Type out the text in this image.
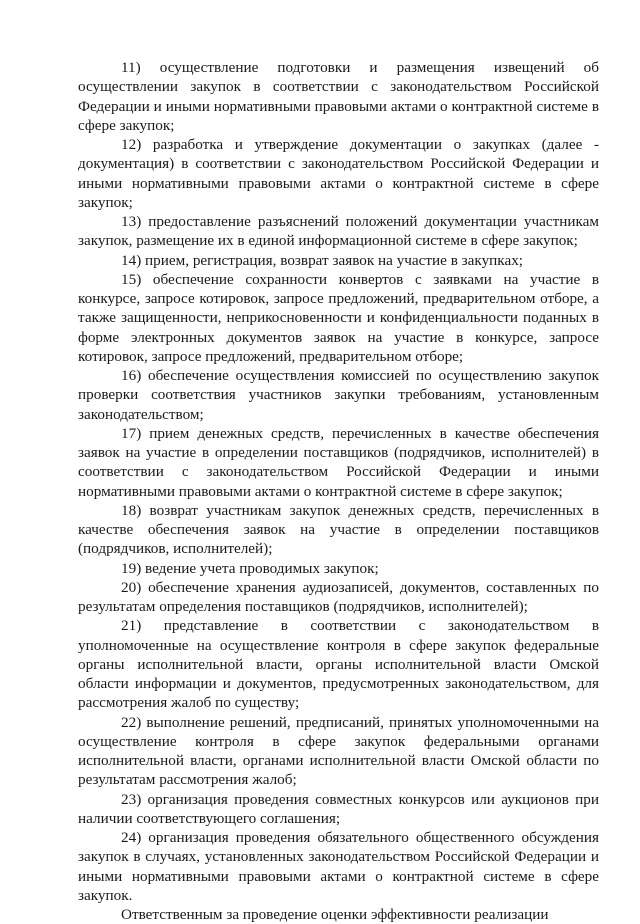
11) осуществление подготовки и размещения извещений об осуществлении закупок в соответствии с законодательством Российской Федерации и иными нормативными правовыми актами о контрактной системе в сфере закупок;

12) разработка и утверждение документации о закупках (далее - документация) в соответствии с законодательством Российской Федерации и иными нормативными правовыми актами о контрактной системе в сфере закупок;

13) предоставление разъяснений положений документации участникам закупок, размещение их в единой информационной системе в сфере закупок;

14) прием, регистрация, возврат заявок на участие в закупках;

15) обеспечение сохранности конвертов с заявками на участие в конкурсе, запросе котировок, запросе предложений, предварительном отборе, а также защищенности, неприкосновенности и конфиденциальности поданных в форме электронных документов заявок на участие в конкурсе, запросе котировок, запросе предложений, предварительном отборе;

16) обеспечение осуществления комиссией по осуществлению закупок проверки соответствия участников закупки требованиям, установленным законодательством;

17) прием денежных средств, перечисленных в качестве обеспечения заявок на участие в определении поставщиков (подрядчиков, исполнителей) в соответствии с законодательством Российской Федерации и иными нормативными правовыми актами о контрактной системе в сфере закупок;

18) возврат участникам закупок денежных средств, перечисленных в качестве обеспечения заявок на участие в определении поставщиков (подрядчиков, исполнителей);

19) ведение учета проводимых закупок;

20) обеспечение хранения аудиозаписей, документов, составленных по результатам определения поставщиков (подрядчиков, исполнителей);

21) представление в соответствии с законодательством в уполномоченные на осуществление контроля в сфере закупок федеральные органы исполнительной власти, органы исполнительной власти Омской области информации и документов, предусмотренных законодательством, для рассмотрения жалоб по существу;

22) выполнение решений, предписаний, принятых уполномоченными на осуществление контроля в сфере закупок федеральными органами исполнительной власти, органами исполнительной власти Омской области по результатам рассмотрения жалоб;

23) организация проведения совместных конкурсов или аукционов при наличии соответствующего соглашения;

24) организация проведения обязательного общественного обсуждения закупок в случаях, установленных законодательством Российской Федерации и иными нормативными правовыми актами о контрактной системе в сфере закупок.

Ответственным за проведение оценки эффективности реализации
